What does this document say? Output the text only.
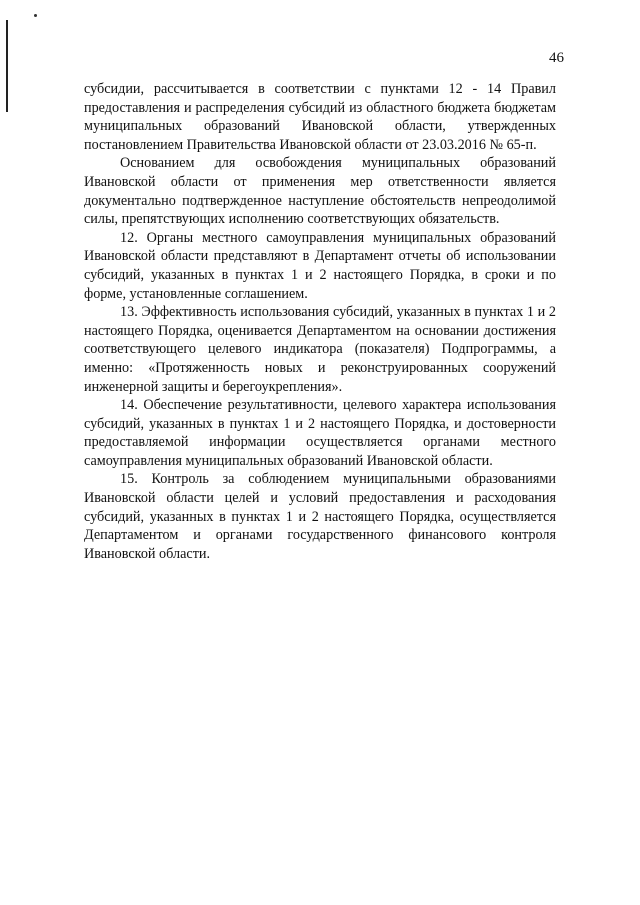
46

субсидии, рассчитывается в соответствии с пунктами 12 - 14 Правил предоставления и распределения субсидий из областного бюджета бюджетам муниципальных образований Ивановской области, утвержденных постановлением Правительства Ивановской области от 23.03.2016 № 65-п.

Основанием для освобождения муниципальных образований Ивановской области от применения мер ответственности является документально подтвержденное наступление обстоятельств непреодолимой силы, препятствующих исполнению соответствующих обязательств.

12. Органы местного самоуправления муниципальных образований Ивановской области представляют в Департамент отчеты об использовании субсидий, указанных в пунктах 1 и 2 настоящего Порядка, в сроки и по форме, установленные соглашением.

13. Эффективность использования субсидий, указанных в пунктах 1 и 2 настоящего Порядка, оценивается Департаментом на основании достижения соответствующего целевого индикатора (показателя) Подпрограммы, а именно: «Протяженность новых и реконструированных сооружений инженерной защиты и берегоукрепления».

14. Обеспечение результативности, целевого характера использования субсидий, указанных в пунктах 1 и 2 настоящего Порядка, и достоверности предоставляемой информации осуществляется органами местного самоуправления муниципальных образований Ивановской области.

15. Контроль за соблюдением муниципальными образованиями Ивановской области целей и условий предоставления и расходования субсидий, указанных в пунктах 1 и 2 настоящего Порядка, осуществляется Департаментом и органами государственного финансового контроля Ивановской области.
